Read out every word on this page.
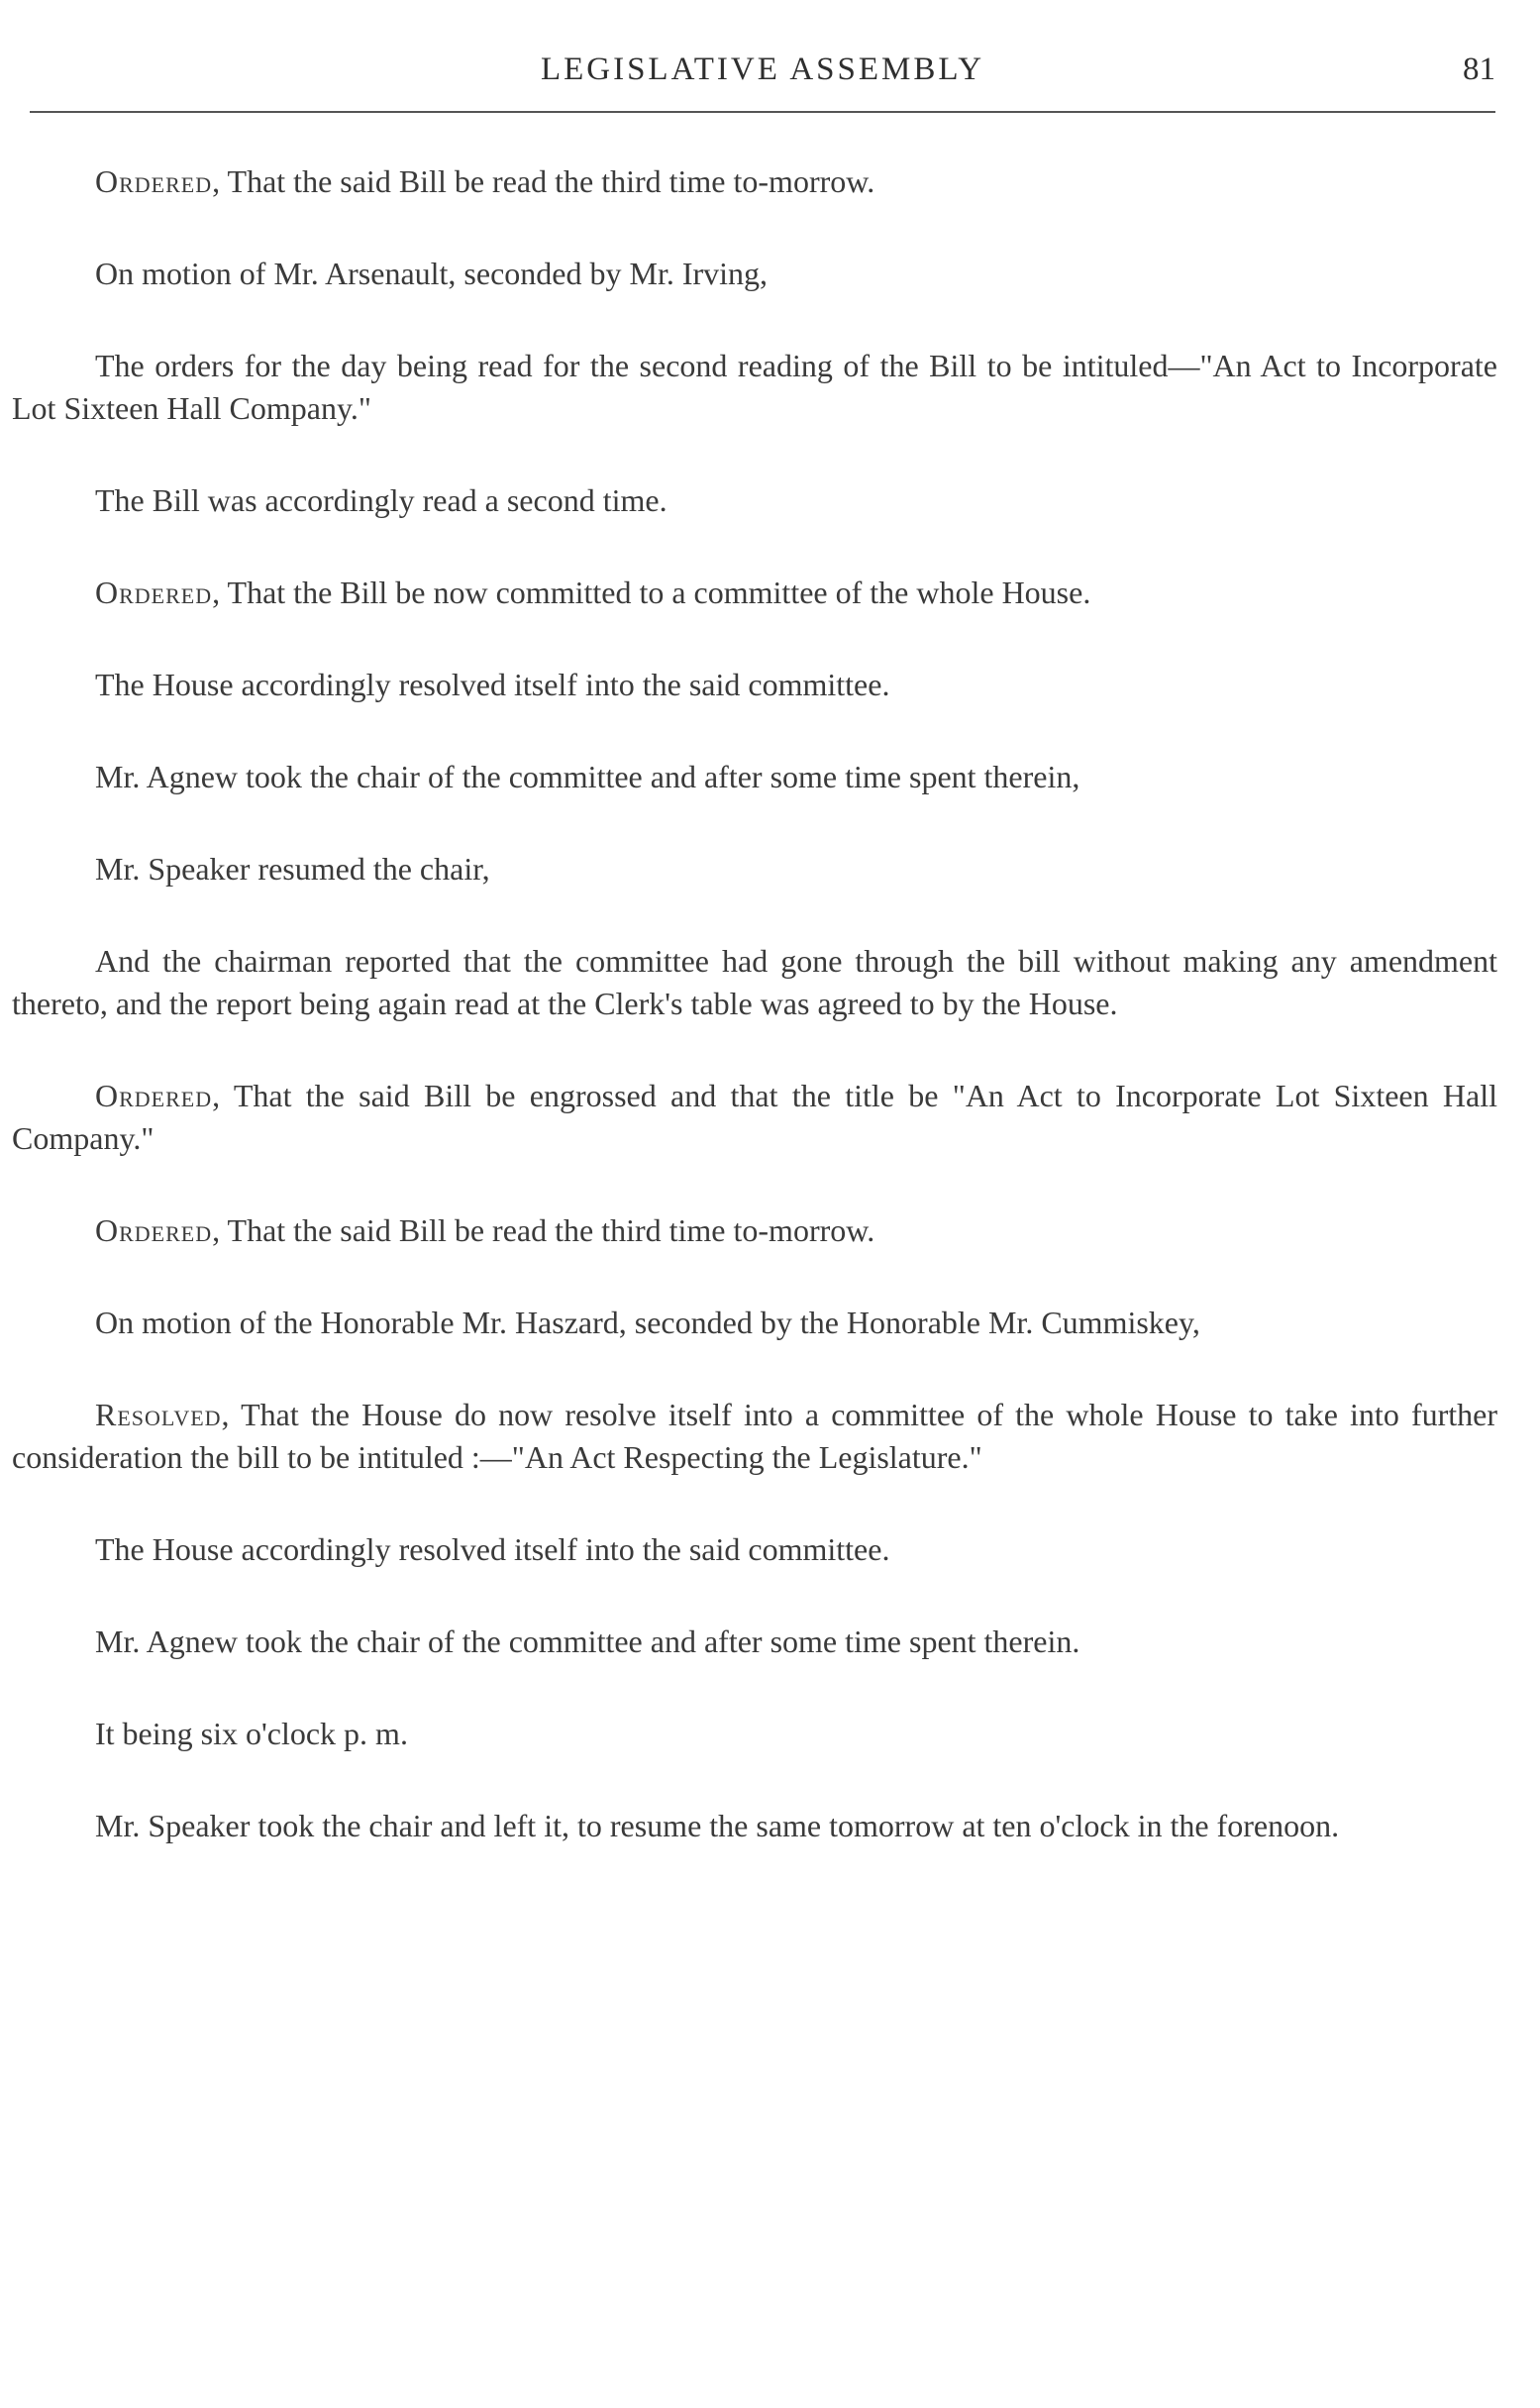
LEGISLATIVE ASSEMBLY	81

Ordered, That the said Bill be read the third time to-morrow.

On motion of Mr. Arsenault, seconded by Mr. Irving,

The orders for the day being read for the second reading of the Bill to be intituled—"An Act to Incorporate Lot Sixteen Hall Company."

The Bill was accordingly read a second time.

Ordered, That the Bill be now committed to a committee of the whole House.

The House accordingly resolved itself into the said committee.

Mr. Agnew took the chair of the committee and after some time spent therein,

Mr. Speaker resumed the chair,

And the chairman reported that the committee had gone through the bill without making any amendment thereto, and the report being again read at the Clerk's table was agreed to by the House.

Ordered, That the said Bill be engrossed and that the title be "An Act to Incorporate Lot Sixteen Hall Company."

Ordered, That the said Bill be read the third time to-morrow.

On motion of the Honorable Mr. Haszard, seconded by the Honorable Mr. Cummiskey,

Resolved, That the House do now resolve itself into a committee of the whole House to take into further consideration the bill to be intituled :—"An Act Respecting the Legislature."

The House accordingly resolved itself into the said committee.

Mr. Agnew took the chair of the committee and after some time spent therein.

It being six o'clock p. m.

Mr. Speaker took the chair and left it, to resume the same tomorrow at ten o'clock in the forenoon.
